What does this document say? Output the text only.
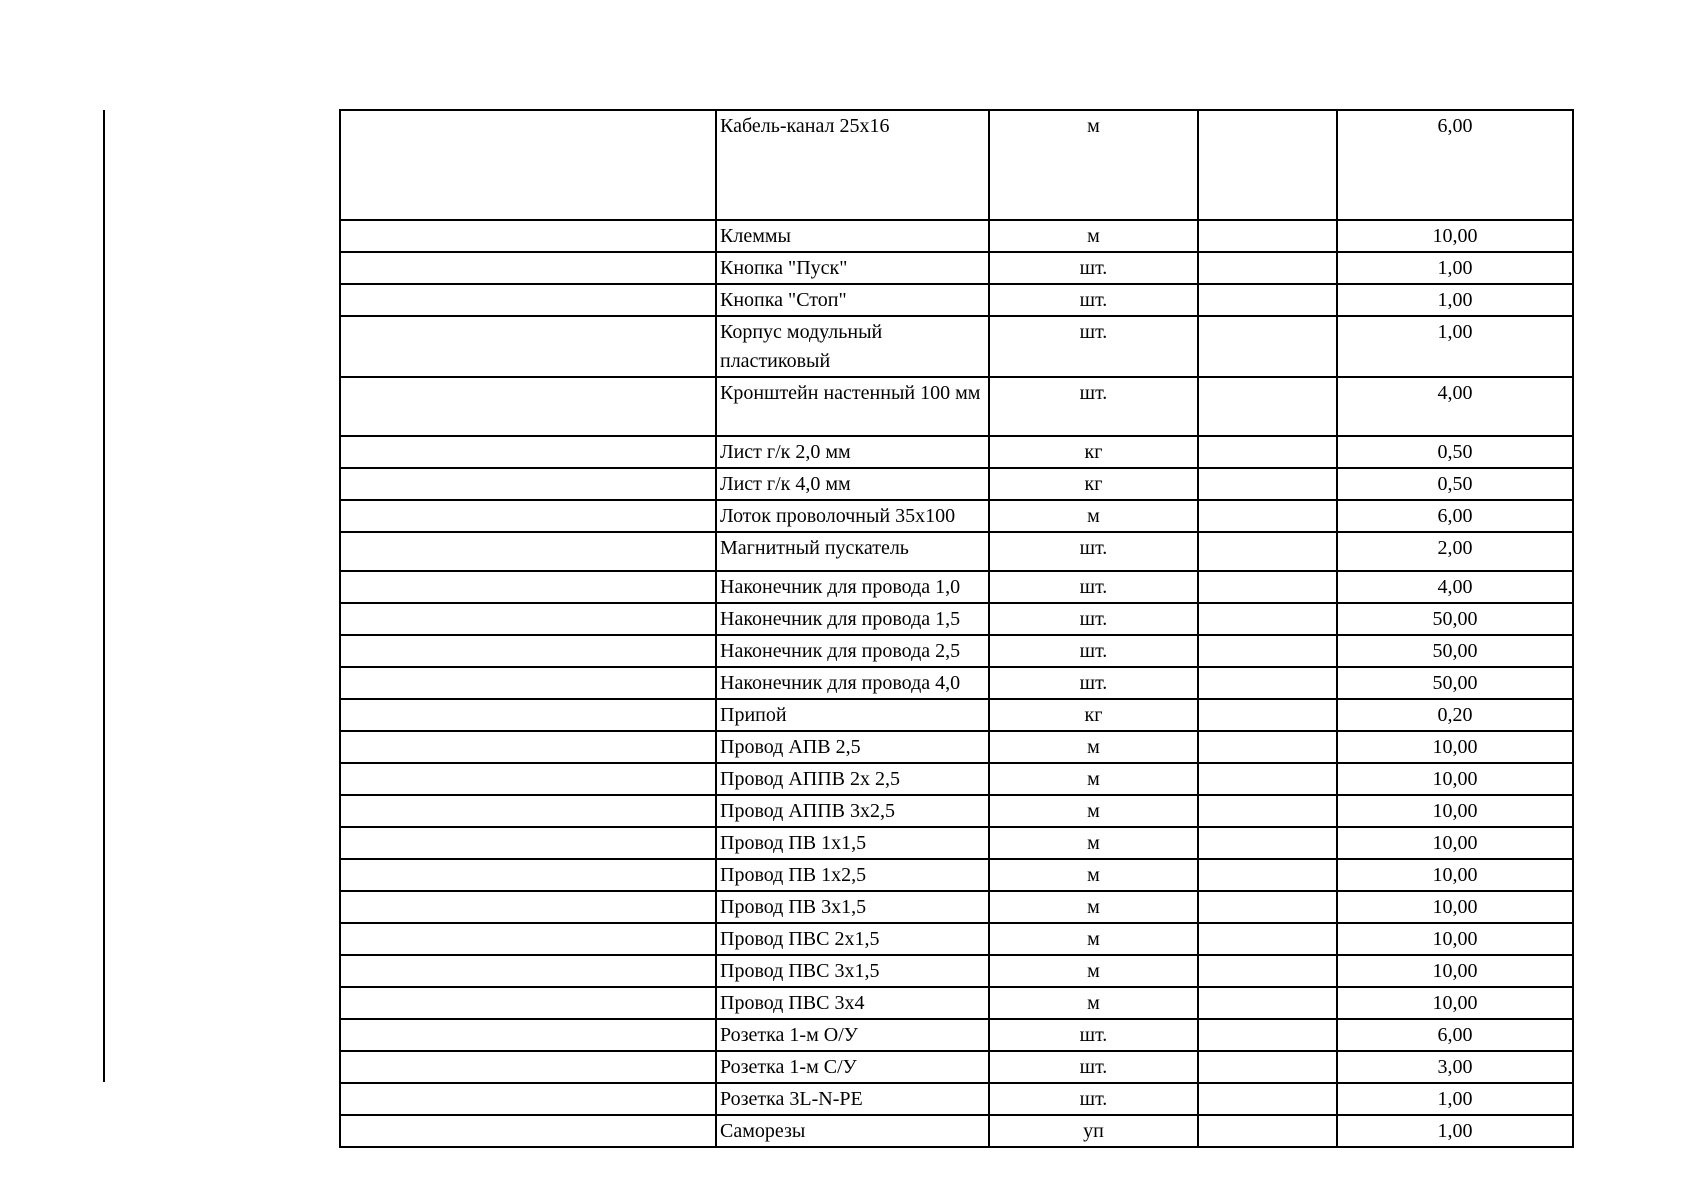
	Кабель-канал 25х16	м		6,00

	Клеммы	м		10,00

	Кнопка "Пуск"	шт.		1,00

	Кнопка "Стоп"	шт.		1,00

	Корпус модульный пластиковый	шт.		1,00

	Кронштейн настенный 100 мм	шт.		4,00

	Лист г/к 2,0 мм	кг		0,50

	Лист г/к 4,0 мм	кг		0,50

	Лоток проволочный 35х100	м		6,00

	Магнитный пускатель	шт.		2,00

	Наконечник для провода 1,0	шт.		4,00

	Наконечник для провода 1,5	шт.		50,00

	Наконечник для провода 2,5	шт.		50,00

	Наконечник для провода 4,0	шт.		50,00

	Припой	кг		0,20

	Провод АПВ 2,5	м		10,00

	Провод АППВ 2х 2,5	м		10,00

	Провод АППВ 3х2,5	м		10,00

	Провод ПВ 1х1,5	м		10,00

	Провод ПВ 1х2,5	м		10,00

	Провод ПВ 3х1,5	м		10,00

	Провод ПВС 2х1,5	м		10,00

	Провод ПВС 3х1,5	м		10,00

	Провод ПВС 3х4	м		10,00

	Розетка 1-м О/У	шт.		6,00

	Розетка 1-м С/У	шт.		3,00

	Розетка 3L-N-PE	шт.		1,00

	Саморезы	уп		1,00
